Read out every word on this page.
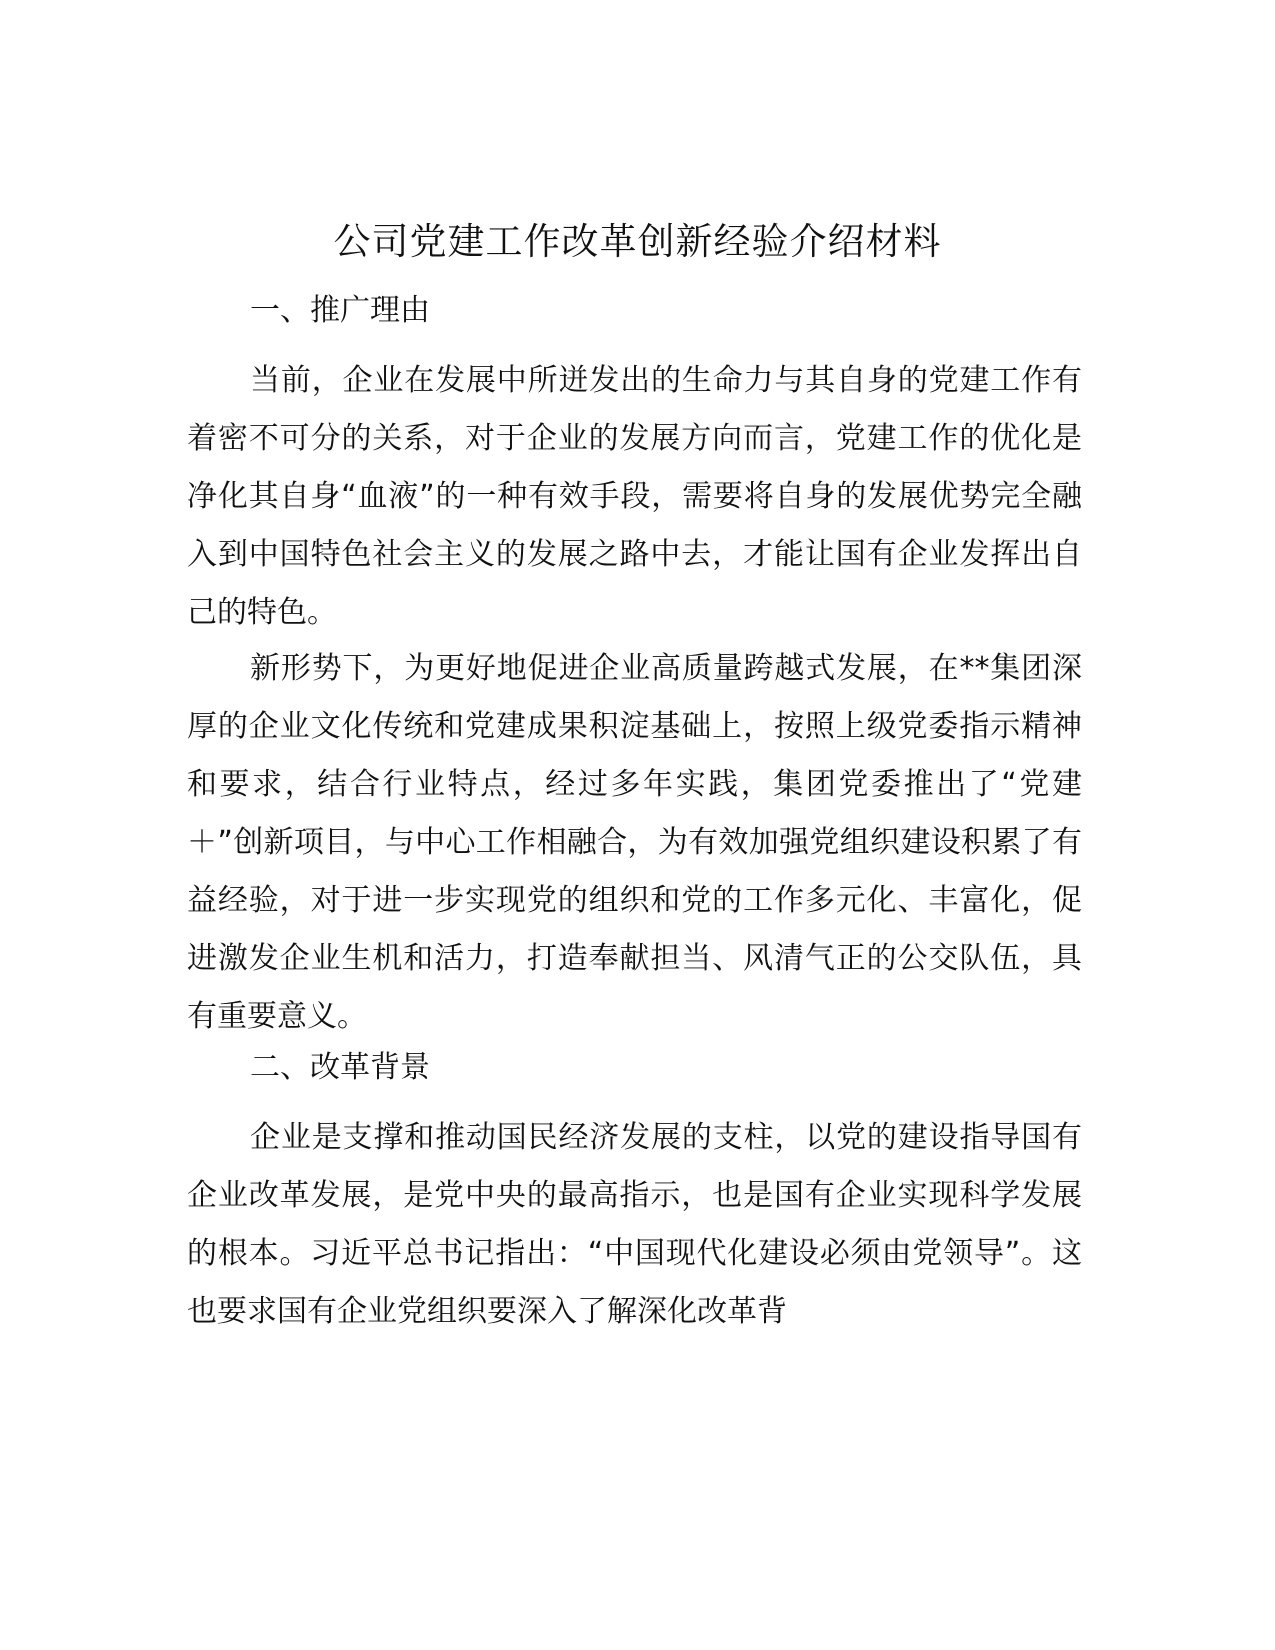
公司党建工作改革创新经验介绍材料

一、推广理由

当前，企业在发展中所迸发出的生命力与其自身的党建工作有着密不可分的关系，对于企业的发展方向而言，党建工作的优化是净化其自身“血液”的一种有效手段，需要将自身的发展优势完全融入到中国特色社会主义的发展之路中去，才能让国有企业发挥出自己的特色。

新形势下，为更好地促进企业高质量跨越式发展，在**集团深厚的企业文化传统和党建成果积淀基础上，按照上级党委指示精神和要求，结合行业特点，经过多年实践，集团党委推出了“党建＋”创新项目，与中心工作相融合，为有效加强党组织建设积累了有益经验，对于进一步实现党的组织和党的工作多元化、丰富化，促进激发企业生机和活力，打造奉献担当、风清气正的公交队伍，具有重要意义。

二、改革背景

企业是支撑和推动国民经济发展的支柱，以党的建设指导国有企业改革发展，是党中央的最高指示，也是国有企业实现科学发展的根本。习近平总书记指出：“中国现代化建设必须由党领导”。这也要求国有企业党组织要深入了解深化改革背
